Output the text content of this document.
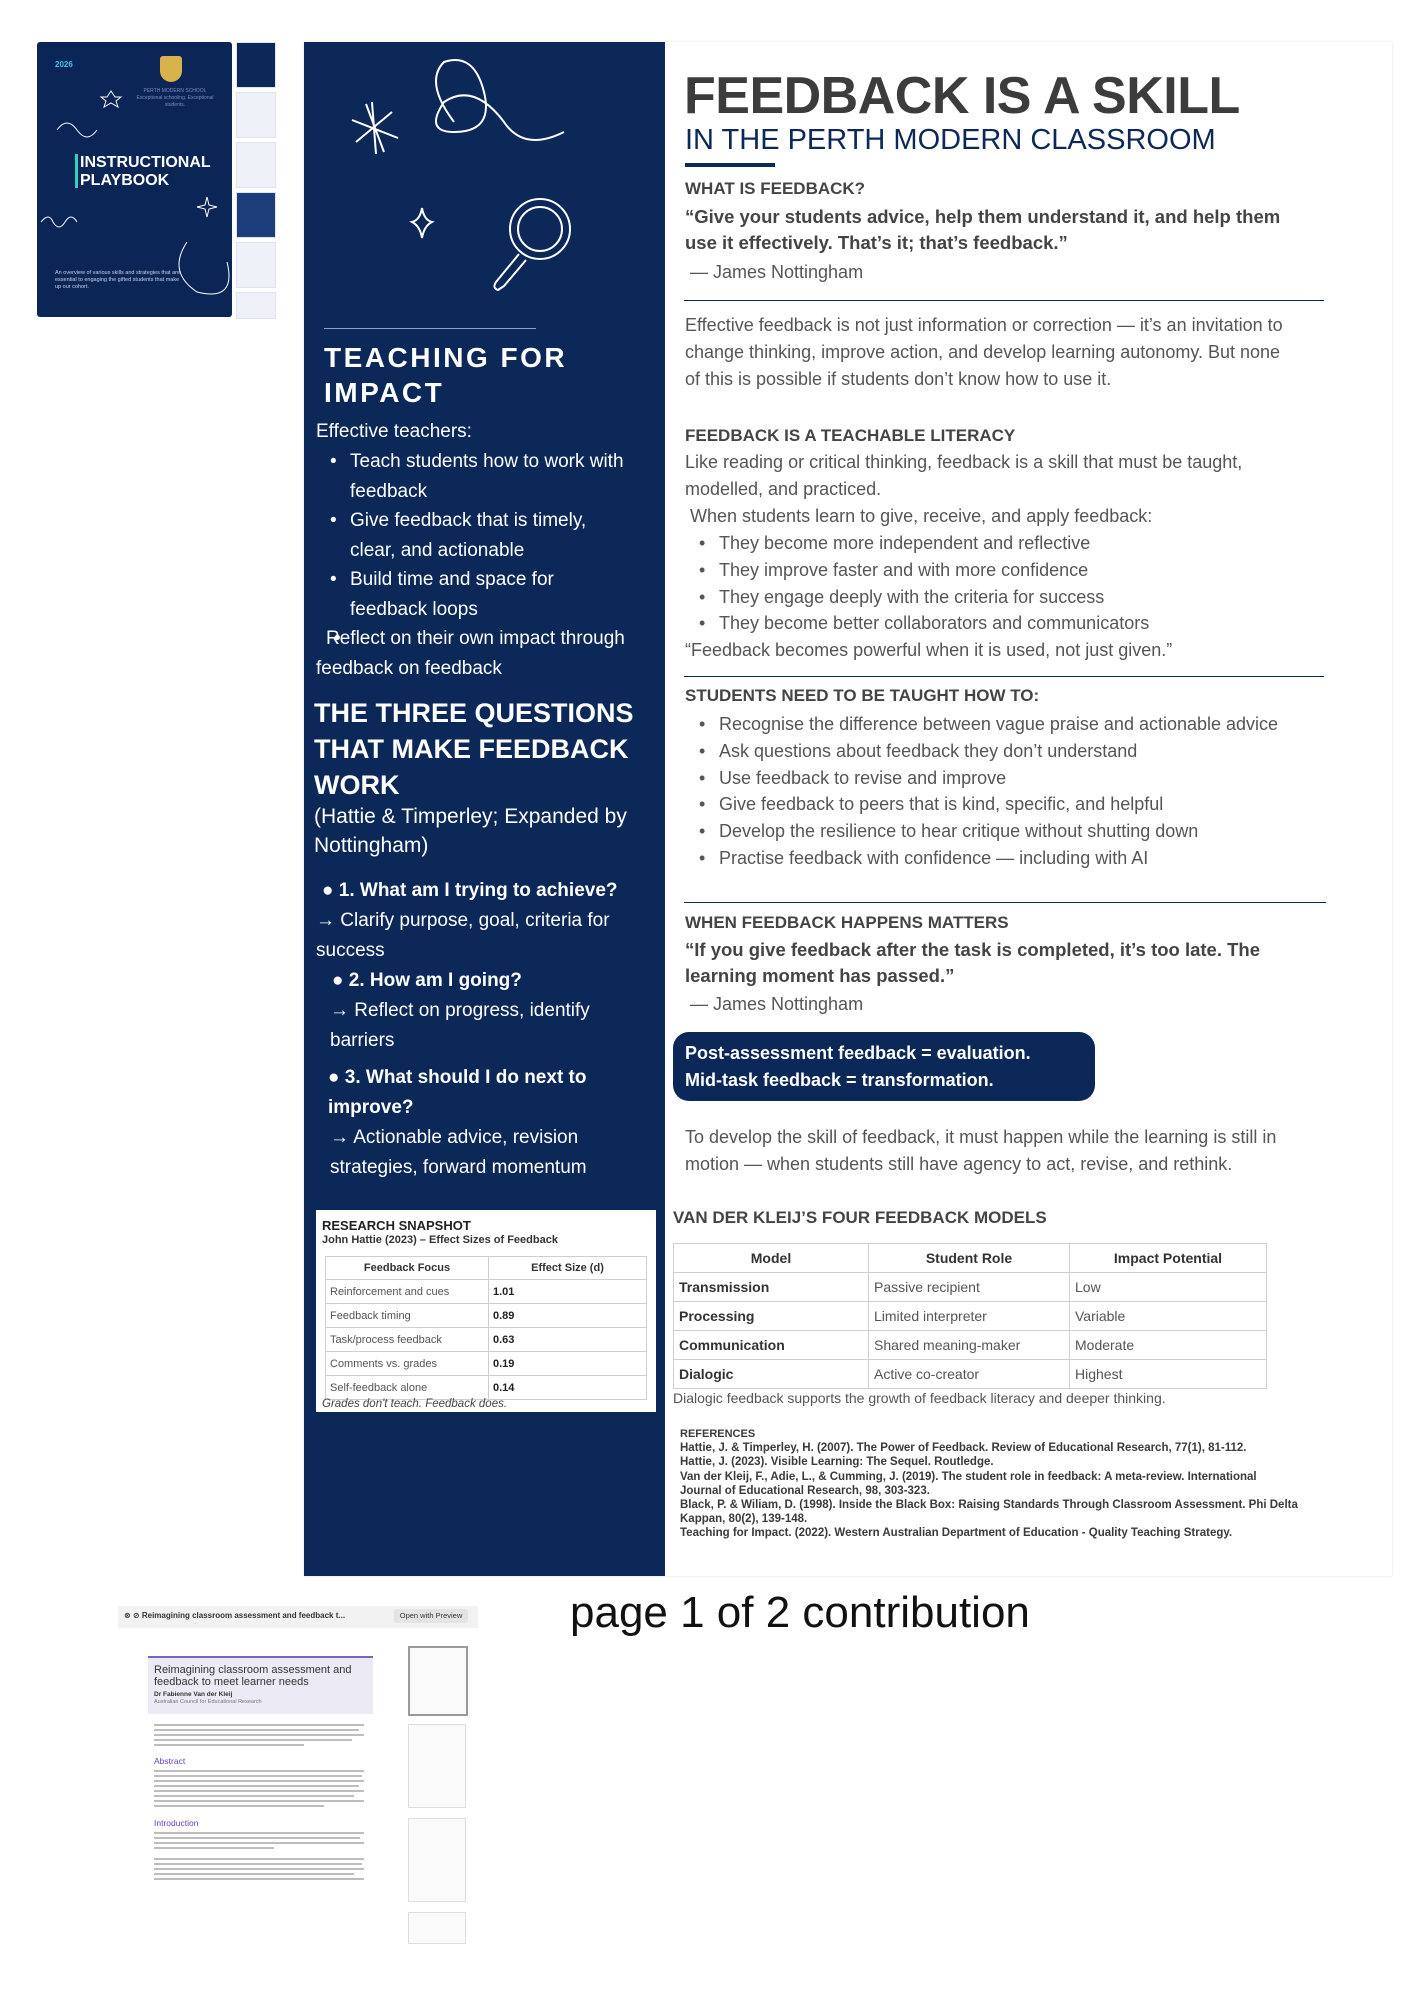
2026
PERTH MODERN SCHOOL
Exceptional schooling. Exceptional students.
INSTRUCTIONAL
PLAYBOOK
An overview of various skills and strategies that are essential to engaging the gifted students that make up our cohort.
TEACHING FOR
IMPACT
Effective teachers:
• Teach students how to work with feedback
• Give feedback that is timely, clear, and actionable
• Build time and space for feedback loops
• Reflect on their own impact through feedback on feedback
THE THREE QUESTIONS THAT MAKE FEEDBACK WORK
(Hattie & Timperley; Expanded by Nottingham)
● 1. What am I trying to achieve?
→ Clarify purpose, goal, criteria for success
● 2. How am I going?
→ Reflect on progress, identify barriers
● 3. What should I do next to improve?
→ Actionable advice, revision strategies, forward momentum
RESEARCH SNAPSHOT
John Hattie (2023) – Effect Sizes of Feedback
Feedback Focus	Effect Size (d)
Reinforcement and cues	1.01
Feedback timing	0.89
Task/process feedback	0.63
Comments vs. grades	0.19
Self-feedback alone	0.14
Grades don't teach. Feedback does.
FEEDBACK IS A SKILL
IN THE PERTH MODERN CLASSROOM
WHAT IS FEEDBACK?
“Give your students advice, help them understand it, and help them use it effectively. That’s it; that’s feedback.”
— James Nottingham
Effective feedback is not just information or correction — it’s an invitation to change thinking, improve action, and develop learning autonomy. But none of this is possible if students don’t know how to use it.
FEEDBACK IS A TEACHABLE LITERACY
Like reading or critical thinking, feedback is a skill that must be taught, modelled, and practiced.
When students learn to give, receive, and apply feedback:
• They become more independent and reflective
• They improve faster and with more confidence
• They engage deeply with the criteria for success
• They become better collaborators and communicators
“Feedback becomes powerful when it is used, not just given.”
STUDENTS NEED TO BE TAUGHT HOW TO:
• Recognise the difference between vague praise and actionable advice
• Ask questions about feedback they don’t understand
• Use feedback to revise and improve
• Give feedback to peers that is kind, specific, and helpful
• Develop the resilience to hear critique without shutting down
• Practise feedback with confidence — including with AI
WHEN FEEDBACK HAPPENS MATTERS
“If you give feedback after the task is completed, it’s too late. The learning moment has passed.”
— James Nottingham
Post-assessment feedback = evaluation.
Mid-task feedback = transformation.
To develop the skill of feedback, it must happen while the learning is still in motion — when students still have agency to act, revise, and rethink.
VAN DER KLEIJ’S FOUR FEEDBACK MODELS
Model	Student Role	Impact Potential
Transmission	Passive recipient	Low
Processing	Limited interpreter	Variable
Communication	Shared meaning-maker	Moderate
Dialogic	Active co-creator	Highest
Dialogic feedback supports the growth of feedback literacy and deeper thinking.
REFERENCES
Hattie, J. & Timperley, H. (2007). The Power of Feedback. Review of Educational Research, 77(1), 81-112.
Hattie, J. (2023). Visible Learning: The Sequel. Routledge.
Van der Kleij, F., Adie, L., & Cumming, J. (2019). The student role in feedback: A meta-review. International Journal of Educational Research, 98, 303-323.
Black, P. & Wiliam, D. (1998). Inside the Black Box: Raising Standards Through Classroom Assessment. Phi Delta Kappan, 80(2), 139-148.
Teaching for Impact. (2022). Western Australian Department of Education - Quality Teaching Strategy.
page 1 of 2 contribution
⊗ ⊘ Reimagining classroom assessment and feedback t...	Open with Preview
Reimagining classroom assessment and feedback to meet learner needs
Dr Fabienne Van der Kleij
Australian Council for Educational Research
Abstract
Introduction
